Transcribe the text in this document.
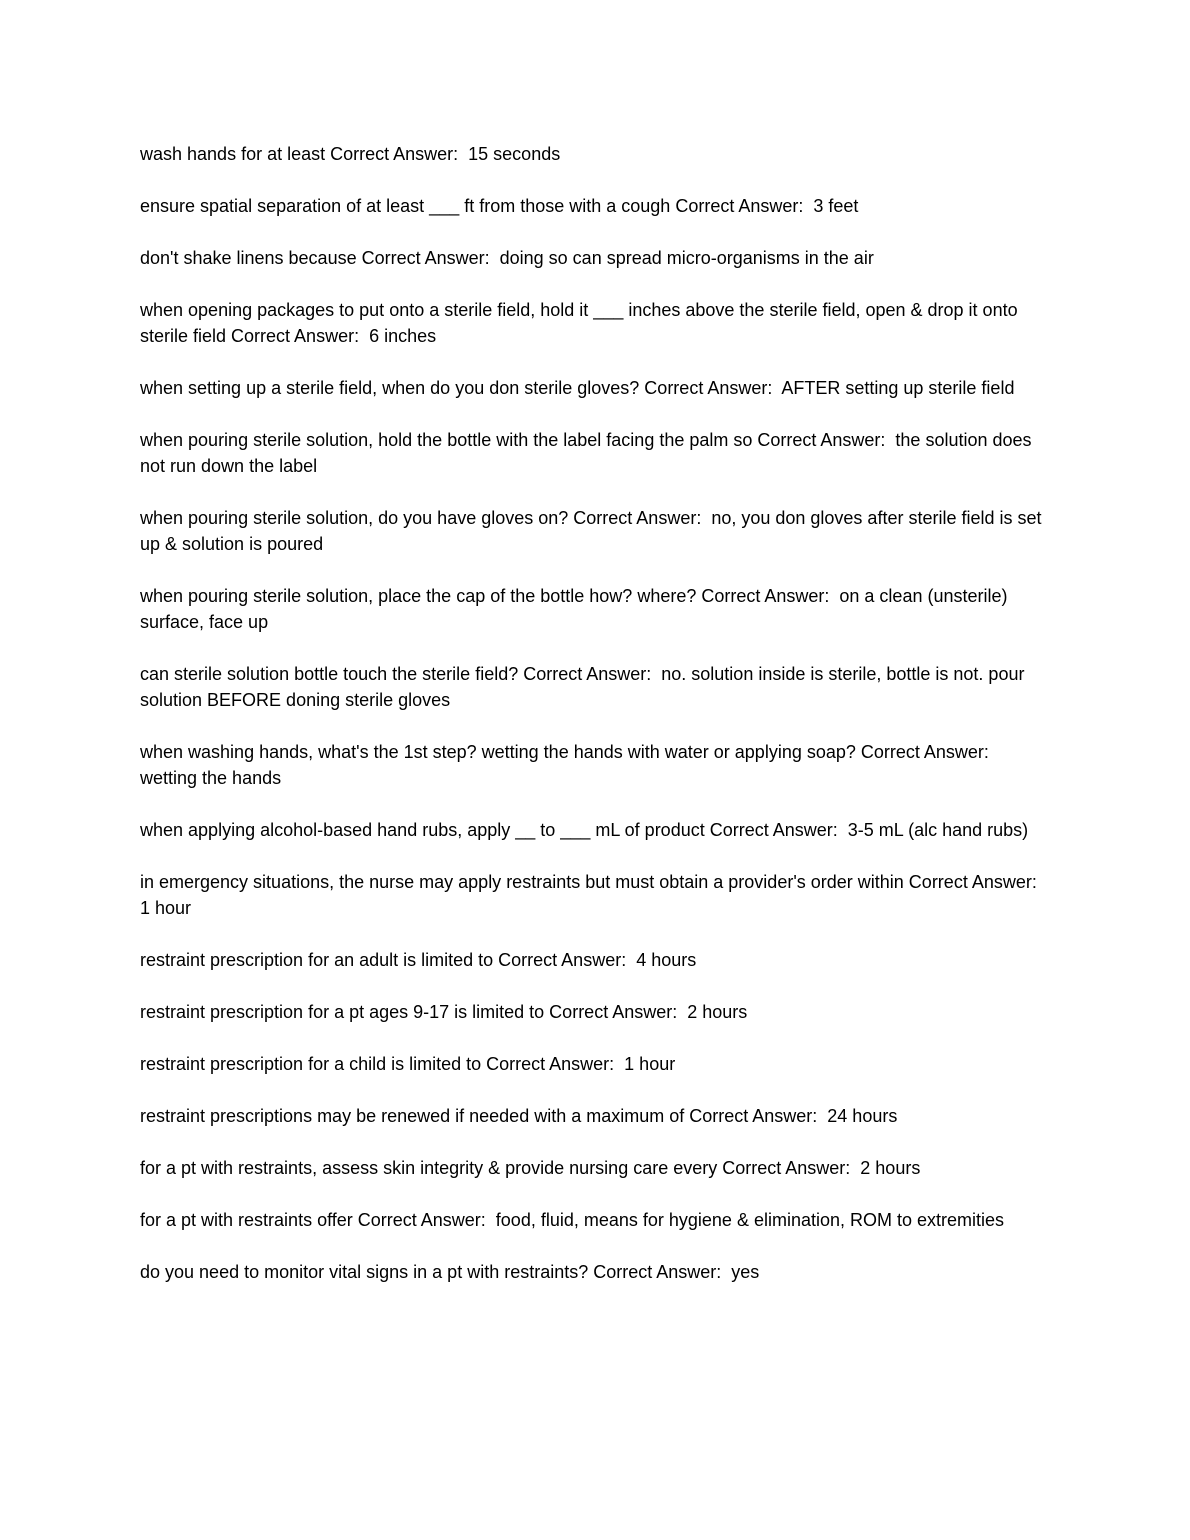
wash hands for at least Correct Answer:  15 seconds

ensure spatial separation of at least ___ ft from those with a cough Correct Answer:  3 feet

don't shake linens because Correct Answer:  doing so can spread micro-organisms in the air

when opening packages to put onto a sterile field, hold it ___ inches above the sterile field, open & drop it onto sterile field Correct Answer:  6 inches

when setting up a sterile field, when do you don sterile gloves? Correct Answer:  AFTER setting up sterile field

when pouring sterile solution, hold the bottle with the label facing the palm so Correct Answer:  the solution does not run down the label

when pouring sterile solution, do you have gloves on? Correct Answer:  no, you don gloves after sterile field is set up & solution is poured

when pouring sterile solution, place the cap of the bottle how? where? Correct Answer:  on a clean (unsterile) surface, face up

can sterile solution bottle touch the sterile field? Correct Answer:  no. solution inside is sterile, bottle is not. pour solution BEFORE doning sterile gloves

when washing hands, what's the 1st step? wetting the hands with water or applying soap? Correct Answer:  wetting the hands

when applying alcohol-based hand rubs, apply __ to ___ mL of product Correct Answer:  3-5 mL (alc hand rubs)

in emergency situations, the nurse may apply restraints but must obtain a provider's order within Correct Answer:  1 hour

restraint prescription for an adult is limited to Correct Answer:  4 hours

restraint prescription for a pt ages 9-17 is limited to Correct Answer:  2 hours

restraint prescription for a child is limited to Correct Answer:  1 hour

restraint prescriptions may be renewed if needed with a maximum of Correct Answer:  24 hours

for a pt with restraints, assess skin integrity & provide nursing care every Correct Answer:  2 hours

for a pt with restraints offer Correct Answer:  food, fluid, means for hygiene & elimination, ROM to extremities

do you need to monitor vital signs in a pt with restraints? Correct Answer:  yes
